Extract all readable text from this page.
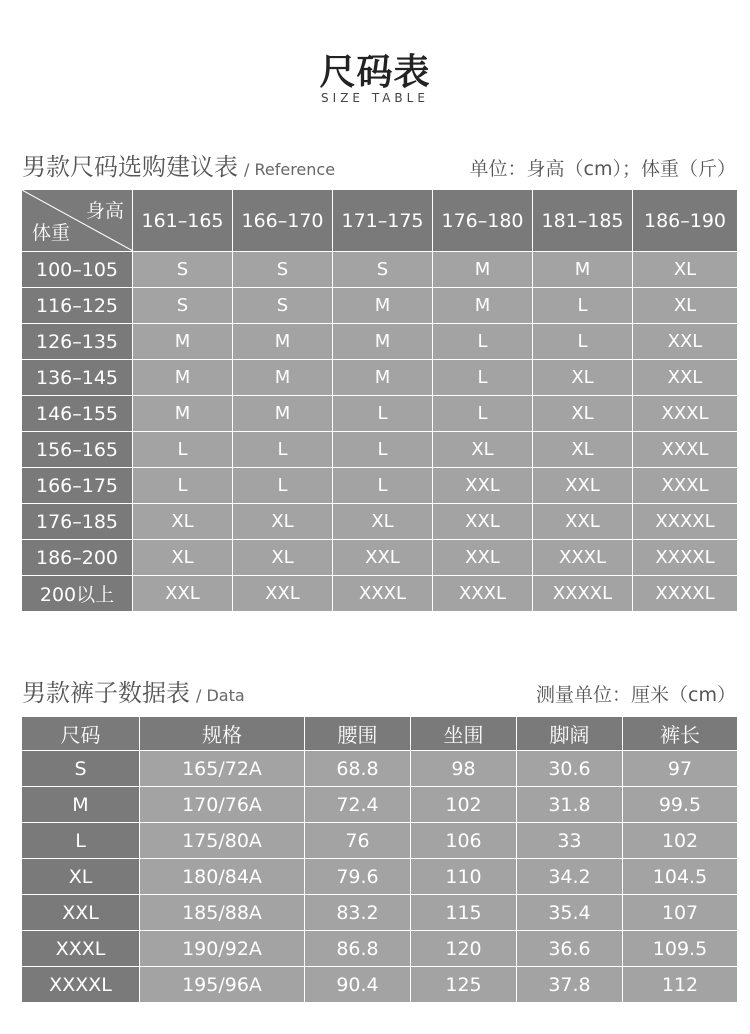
尺码表
SIZE TABLE
男款尺码选购建议表 / Reference	单位：身高（cm）；体重（斤）
身高
体重	161–165	166–170	171–175	176–180	181–185	186–190
100–105	S	S	S	M	M	XL
116–125	S	S	M	M	L	XL
126–135	M	M	M	L	L	XXL
136–145	M	M	M	L	XL	XXL
146–155	M	M	L	L	XL	XXXL
156–165	L	L	L	XL	XL	XXXL
166–175	L	L	L	XXL	XXL	XXXL
176–185	XL	XL	XL	XXL	XXL	XXXXL
186–200	XL	XL	XXL	XXL	XXXL	XXXXL
200以上	XXL	XXL	XXXL	XXXL	XXXXL	XXXXL
男款裤子数据表 / Data	测量单位：厘米（cm）
尺码	规格	腰围	坐围	脚阔	裤长
S	165/72A	68.8	98	30.6	97
M	170/76A	72.4	102	31.8	99.5
L	175/80A	76	106	33	102
XL	180/84A	79.6	110	34.2	104.5
XXL	185/88A	83.2	115	35.4	107
XXXL	190/92A	86.8	120	36.6	109.5
XXXXL	195/96A	90.4	125	37.8	112
